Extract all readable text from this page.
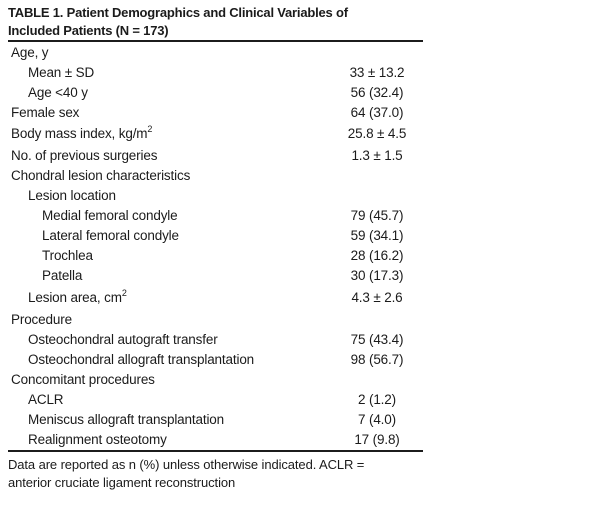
TABLE 1. Patient Demographics and Clinical Variables of
Included Patients (N = 173)
Age, y
Mean ± SD	33 ± 13.2
Age <40 y	56 (32.4)
Female sex	64 (37.0)
Body mass index, $kg/m^2$	25.8 ± 4.5
No. of previous surgeries	1.3 ± 1.5
Chondral lesion characteristics
Lesion location
Medial femoral condyle	79 (45.7)
Lateral femoral condyle	59 (34.1)
Trochlea	28 (16.2)
Patella	30 (17.3)
Lesion area, $cm^2$	4.3 ± 2.6
Procedure
Osteochondral autograft transfer	75 (43.4)
Osteochondral allograft transplantation	98 (56.7)
Concomitant procedures
ACLR	2 (1.2)
Meniscus allograft transplantation	7 (4.0)
Realignment osteotomy	17 (9.8)
Data are reported as n (%) unless otherwise indicated. ACLR =
anterior cruciate ligament reconstruction
